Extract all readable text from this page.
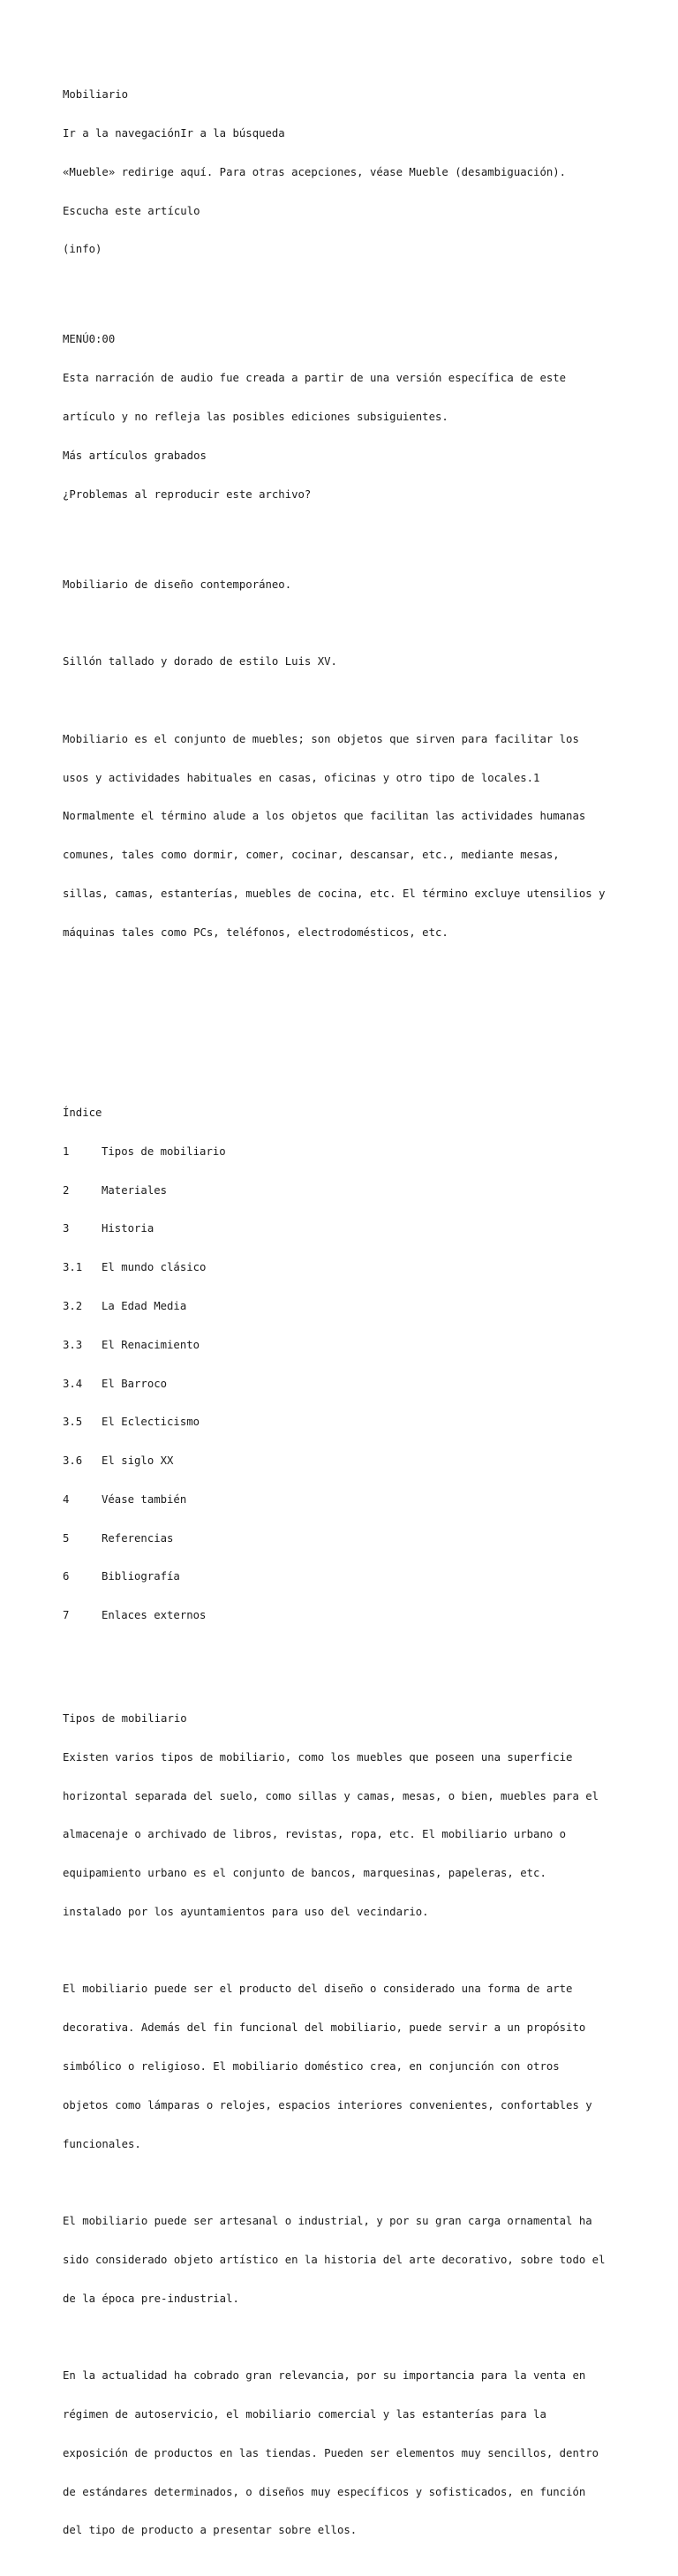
Mobiliario

Ir a la navegaciónIr a la búsqueda

«Mueble» redirige aquí. Para otras acepciones, véase Mueble (desambiguación).

Escucha este artículo

(info)

MENÚ0:00

Esta narración de audio fue creada a partir de una versión específica de este

artículo y no refleja las posibles ediciones subsiguientes.

Más artículos grabados

¿Problemas al reproducir este archivo?

Mobiliario de diseño contemporáneo.

Sillón tallado y dorado de estilo Luis XV.

Mobiliario es el conjunto de muebles; son objetos que sirven para facilitar los

usos y actividades habituales en casas, oficinas y otro tipo de locales.1

Normalmente el término alude a los objetos que facilitan las actividades humanas

comunes, tales como dormir, comer, cocinar, descansar, etc., mediante mesas,

sillas, camas, estanterías, muebles de cocina, etc. El término excluye utensilios y

máquinas tales como PCs, teléfonos, electrodomésticos, etc.

Índice

1	Tipos de mobiliario

2	Materiales

3	Historia

3.1 El mundo clásico

3.2 La Edad Media

3.3 El Renacimiento

3.4 El Barroco

3.5 El Eclecticismo

3.6 El siglo XX

4	Véase también

5	Referencias

6	Bibliografía

7	Enlaces externos

Tipos de mobiliario

Existen varios tipos de mobiliario, como los muebles que poseen una superficie

horizontal separada del suelo, como sillas y camas, mesas, o bien, muebles para el

almacenaje o archivado de libros, revistas, ropa, etc. El mobiliario urbano o

equipamiento urbano es el conjunto de bancos, marquesinas, papeleras, etc.

instalado por los ayuntamientos para uso del vecindario.

El mobiliario puede ser el producto del diseño o considerado una forma de arte

decorativa. Además del fin funcional del mobiliario, puede servir a un propósito

simbólico o religioso. El mobiliario doméstico crea, en conjunción con otros

objetos como lámparas o relojes, espacios interiores convenientes, confortables y

funcionales.

El mobiliario puede ser artesanal o industrial, y por su gran carga ornamental ha

sido considerado objeto artístico en la historia del arte decorativo, sobre todo el

de la época pre-industrial.

En la actualidad ha cobrado gran relevancia, por su importancia para la venta en

régimen de autoservicio, el mobiliario comercial y las estanterías para la

exposición de productos en las tiendas. Pueden ser elementos muy sencillos, dentro

de estándares determinados, o diseños muy específicos y sofisticados, en función

del tipo de producto a presentar sobre ellos.
